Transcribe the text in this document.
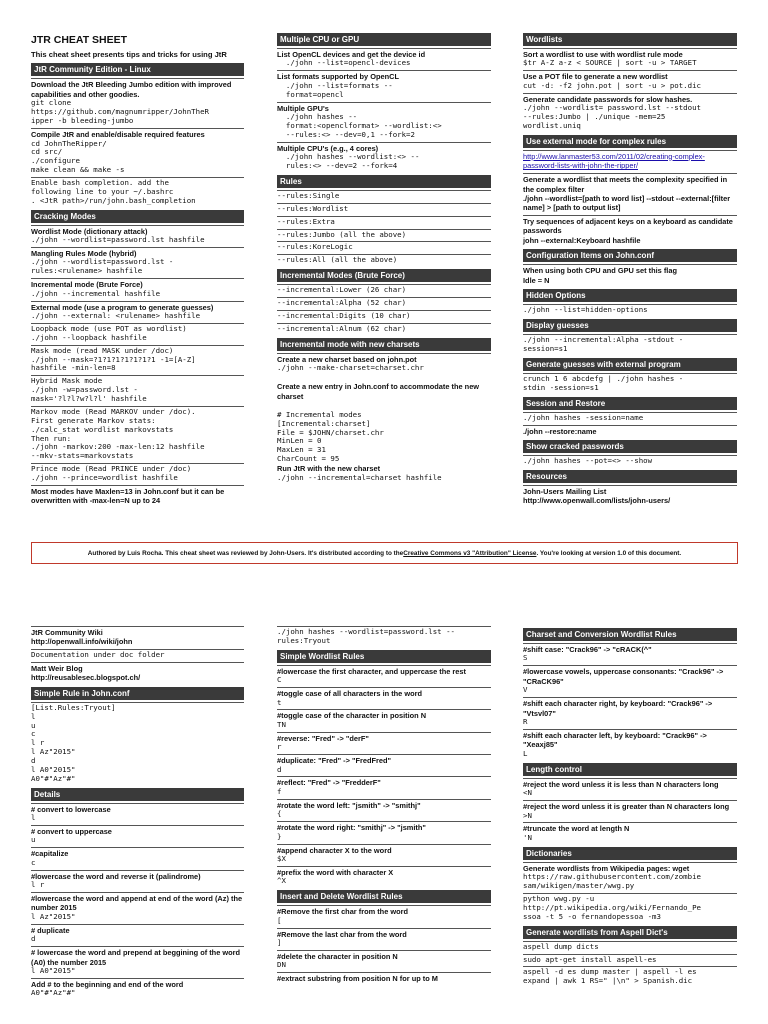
JTR CHEAT SHEET
This cheat sheet presents tips and tricks for using JtR
JtR Community Edition - Linux
Download the JtR Bleeding Jumbo edition with improved capabilities and other goodies.
git clone
https://github.com/magnumripper/JohnTheR
ipper -b bleeding-jumbo
Compile JtR and enable/disable required features
cd JohnTheRipper/
cd src/
./configure
make clean && make -s
Enable bash completion. add the
following line to your ~/.bashrc
. <JtR path>/run/john.bash_completion
Cracking Modes
Wordlist Mode (dictionary attack)
./john --wordlist=password.lst hashfile
Mangling Rules Mode (hybrid)
./john --wordlist=password.lst -
rules:<rulename> hashfile
Incremental mode (Brute Force)
./john --incremental hashfile
External mode (use a program to generate guesses)
./john --external: <rulename> hashfile
Loopback mode (use POT as wordlist)
./john --loopback hashfile
Mask mode (read MASK under /doc)
./john --mask=?1?1?1?1?1?1?1 -1=[A-Z]
hashfile -min-len=8
Hybrid Mask mode
./john -w=password.lst -
mask='?l?l?w?l?l' hashfile
Markov mode (Read MARKOV under /doc).
First generate Markov stats:
./calc_stat wordlist markovstats
Then run:
./john -markov:200 -max-len:12 hashfile
--mkv-stats=markovstats
Prince mode (Read PRINCE under /doc)
./john --prince=wordlist hashfile
Most modes have Maxlen=13 in John.conf but it can be overwritten with -max-len=N up to 24
Multiple CPU or GPU
List OpenCL devices and get the device id
./john --list=opencl-devices
List formats supported by OpenCL
./john --list=formats --
format=opencl
Multiple GPU's
./john hashes --
format:<openclformat> --wordlist:<>
--rules:<> --dev=0,1 --fork=2
Multiple CPU's (e.g., 4 cores)
./john hashes --wordlist:<> --
rules:<> --dev=2 --fork=4
Rules
--rules:Single
--rules:Wordlist
--rules:Extra
--rules:Jumbo (all the above)
--rules:KoreLogic
--rules:All (all the above)
Incremental Modes (Brute Force)
--incremental:Lower (26 char)
--incremental:Alpha (52 char)
--incremental:Digits (10 char)
--incremental:Alnum (62 char)
Incremental mode with new charsets
Create a new charset based on john.pot
./john --make-charset=charset.chr

Create a new entry in John.conf to accommodate the new charset

# Incremental modes
[Incremental:charset]
File = $JOHN/charset.chr
MinLen = 0
MaxLen = 31
CharCount = 95
Run JtR with the new charset
./john --incremental=charset hashfile
Wordlists
Sort a wordlist to use with wordlist rule mode
$tr A-Z a-z < SOURCE | sort -u > TARGET
Use a POT file to generate a new wordlist
cut -d: -f2 john.pot | sort -u > pot.dic
Generate candidate passwords for slow hashes.
./john --wordlist= password.lst --stdout
--rules:Jumbo | ./unique -mem=25
wordlist.uniq
Use external mode for complex rules
http://www.lanmaster53.com/2011/02/creating-complex-password-lists-with-john-the-ripper/
Generate a wordlist that meets the complexity specified in the complex filter
./john --wordlist=[path to word list] --stdout --external:[filter name] > [path to output list]
Try sequences of adjacent keys on a keyboard as candidate passwords
john --external:Keyboard hashfile
Configuration Items on John.conf
When using both CPU and GPU set this flag
Idle = N
Hidden Options
./john --list=hidden-options
Display guesses
./john --incremental:Alpha -stdout -
session=s1
Generate guesses with external program
crunch 1 6 abcdefg | ./john hashes -
stdin -session=s1
Session and Restore
./john hashes -session=name
./john --restore:name
Show cracked passwords
./john hashes --pot=<> --show
Resources
John-Users Mailing List
http://www.openwall.com/lists/john-users/
Authored by Luis Rocha. This cheat sheet was reviewed by John-Users. It's distributed according to the Creative Commons v3 "Attribution" License . You're looking at version 1.0 of this document.
JtR Community Wiki
http://openwall.info/wiki/john
Documentation under doc folder
Matt Weir Blog
http://reusablesec.blogspot.ch/
Simple Rule in John.conf
[List.Rules:Tryout]
l
u
c
l r
l Az"2015"
d
l A0"2015"
A0"#"Az"#"
Details
# convert to lowercase
l
# convert to uppercase
u
#capitalize
c
#lowercase the word and reverse it (palindrome)
l r
#lowercase the word and append at end of the word (Az) the number 2015
l Az"2015"
# duplicate
d
# lowercase the word and prepend at beggining of the word (A0) the number 2015
l A0"2015"
Add # to the beginning and end of the word
A0"#"Az"#"
./john hashes --wordlist=password.lst --
rules:Tryout
Simple Wordlist Rules
#lowercase the first character, and uppercase the rest
C
#toggle case of all characters in the word
t
#toggle case of the character in position N
TN
#reverse: "Fred" -> "derF"
r
#duplicate: "Fred" -> "FredFred"
d
#reflect: "Fred" -> "FredderF"
f
#rotate the word left: "jsmith" -> "smithj"
{
#rotate the word right: "smithj" -> "jsmith"
}
#append character X to the word
$X
#prefix the word with character X
^X
Insert and Delete Wordlist Rules
#Remove the first char from the word
[
#Remove the last char from the word
]
#delete the character in position N
DN
#extract substring from position N for up to M
Charset and Conversion Wordlist Rules
#shift case: "Crack96" -> "cRACK(^"
S
#lowercase vowels, uppercase consonants: "Crack96" -> "CRaCK96"
V
#shift each character right, by keyboard: "Crack96" -> "Vtsvl07"
R
#shift each character left, by keyboard: "Crack96" -> "Xeaxj85"
L
Length control
#reject the word unless it is less than N characters long
<N
#reject the word unless it is greater than N characters long
>N
#truncate the word at length N
'N
Dictionaries
Generate wordlists from Wikipedia pages: wget
https://raw.githubusercontent.com/zombie
sam/wikigen/master/wwg.py
python wwg.py -u
http://pt.wikipedia.org/wiki/Fernando_Pe
ssoa -t 5 -o fernandopessoa -m3
Generate wordlists from Aspell Dict's
aspell dump dicts
sudo apt-get install aspell-es
aspell -d es dump master | aspell -l es
expand | awk 1 RS=" |\n" > Spanish.dic
